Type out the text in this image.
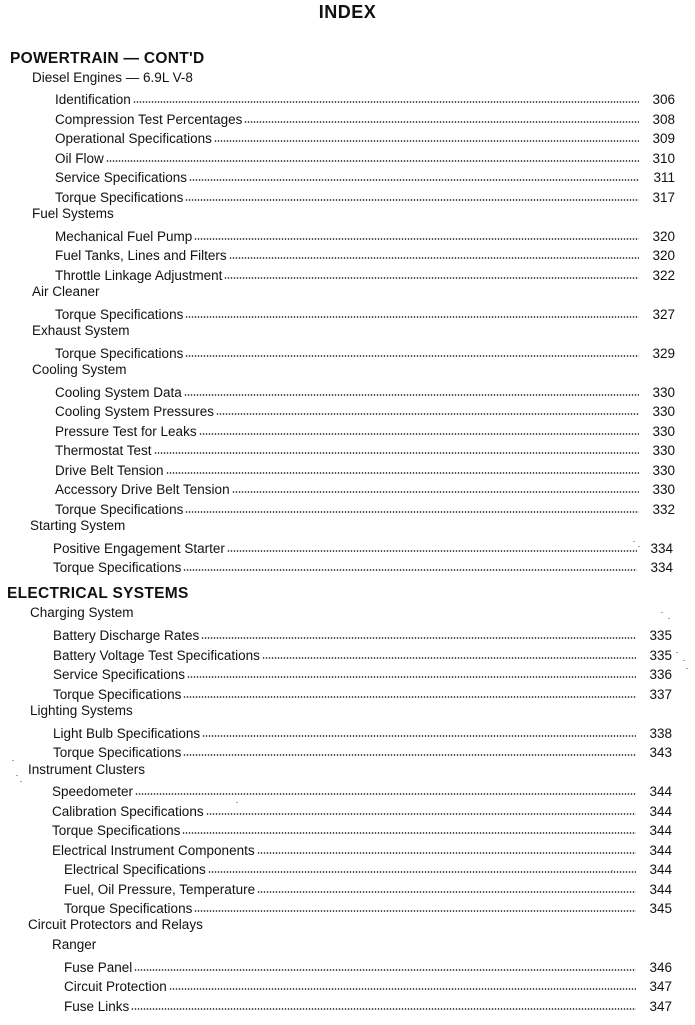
INDEX
POWERTRAIN — CONT'D
Diesel Engines — 6.9L V-8
Identification	306
Compression Test Percentages	308
Operational Specifications	309
Oil Flow	310
Service Specifications	311
Torque Specifications	317
Fuel Systems
Mechanical Fuel Pump	320
Fuel Tanks, Lines and Filters	320
Throttle Linkage Adjustment	322
Air Cleaner
Torque Specifications	327
Exhaust System
Torque Specifications	329
Cooling System
Cooling System Data	330
Cooling System Pressures	330
Pressure Test for Leaks	330
Thermostat Test	330
Drive Belt Tension	330
Accessory Drive Belt Tension	330
Torque Specifications	332
Starting System
Positive Engagement Starter	334
Torque Specifications	334
ELECTRICAL SYSTEMS
Charging System
Battery Discharge Rates	335
Battery Voltage Test Specifications	335
Service Specifications	336
Torque Specifications	337
Lighting Systems
Light Bulb Specifications	338
Torque Specifications	343
Instrument Clusters
Speedometer	344
Calibration Specifications	344
Torque Specifications	344
Electrical Instrument Components	344
Electrical Specifications	344
Fuel, Oil Pressure, Temperature	344
Torque Specifications	345
Circuit Protectors and Relays
Ranger
Fuse Panel	346
Circuit Protection	347
Fuse Links	347
